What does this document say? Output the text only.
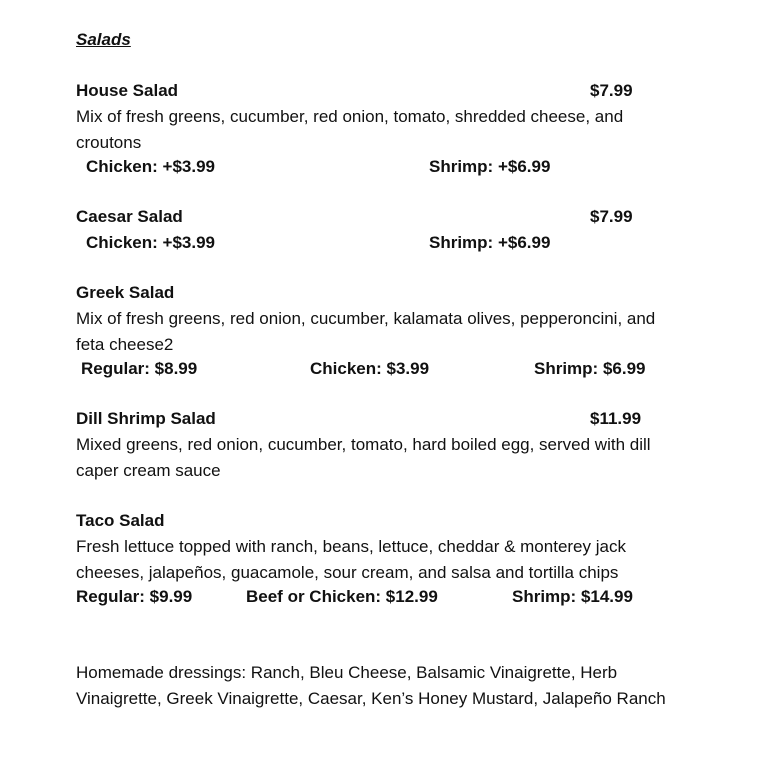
Salads
House Salad	$7.99
Mix of fresh greens, cucumber, red onion, tomato, shredded cheese, and croutons
Chicken: +$3.99	Shrimp: +$6.99
Caesar Salad	$7.99
Chicken: +$3.99	Shrimp: +$6.99
Greek Salad
Mix of fresh greens, red onion, cucumber, kalamata olives, pepperoncini, and feta cheese2
Regular: $8.99	Chicken: $3.99	Shrimp: $6.99
Dill Shrimp Salad	$11.99
Mixed greens, red onion, cucumber, tomato, hard boiled egg, served with dill caper cream sauce
Taco Salad
Fresh lettuce topped with ranch, beans, lettuce, cheddar & monterey jack cheeses, jalapeños, guacamole, sour cream, and salsa and tortilla chips
Regular: $9.99	Beef or Chicken: $12.99	Shrimp: $14.99
Homemade dressings: Ranch, Bleu Cheese, Balsamic Vinaigrette, Herb Vinaigrette, Greek Vinaigrette, Caesar, Ken’s Honey Mustard, Jalapeño Ranch
